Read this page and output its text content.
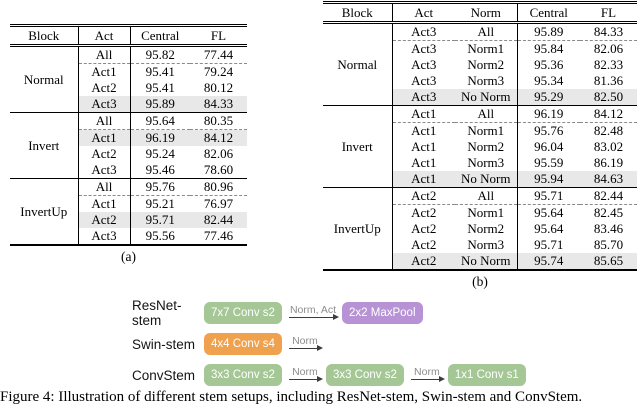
Block	Act	Central	FL
Normal	All	95.82	77.44
	Act1	95.41	79.24
	Act2	95.41	80.12
	Act3	95.89	84.33
Invert	All	95.64	80.35
	Act1	96.19	84.12
	Act2	95.24	82.06
	Act3	95.46	78.60
InvertUp	All	95.76	80.96
	Act1	95.21	76.97
	Act2	95.71	82.44
	Act3	95.56	77.46
(a)
Block	Act	Norm	Central	FL
Normal	Act3	All	95.89	84.33
	Act3	Norm1	95.84	82.06
	Act3	Norm2	95.36	82.33
	Act3	Norm3	95.34	81.36
	Act3	No Norm	95.29	82.50
Invert	Act1	All	96.19	84.12
	Act1	Norm1	95.76	82.48
	Act1	Norm2	96.04	83.02
	Act1	Norm3	95.59	86.19
	Act1	No Norm	95.94	84.63
InvertUp	Act2	All	95.71	82.44
	Act2	Norm1	95.64	82.45
	Act2	Norm2	95.64	83.46
	Act2	Norm3	95.71	85.70
	Act2	No Norm	95.74	85.65
(b)
ResNet-stem	7x7 Conv s2	Norm, Act	2x2 MaxPool
Swin-stem	4x4 Conv s4	Norm
ConvStem	3x3 Conv s2	Norm	3x3 Conv s2	Norm	1x1 Conv s1
Figure 4: Illustration of different stem setups, including ResNet-stem, Swin-stem and ConvStem.
